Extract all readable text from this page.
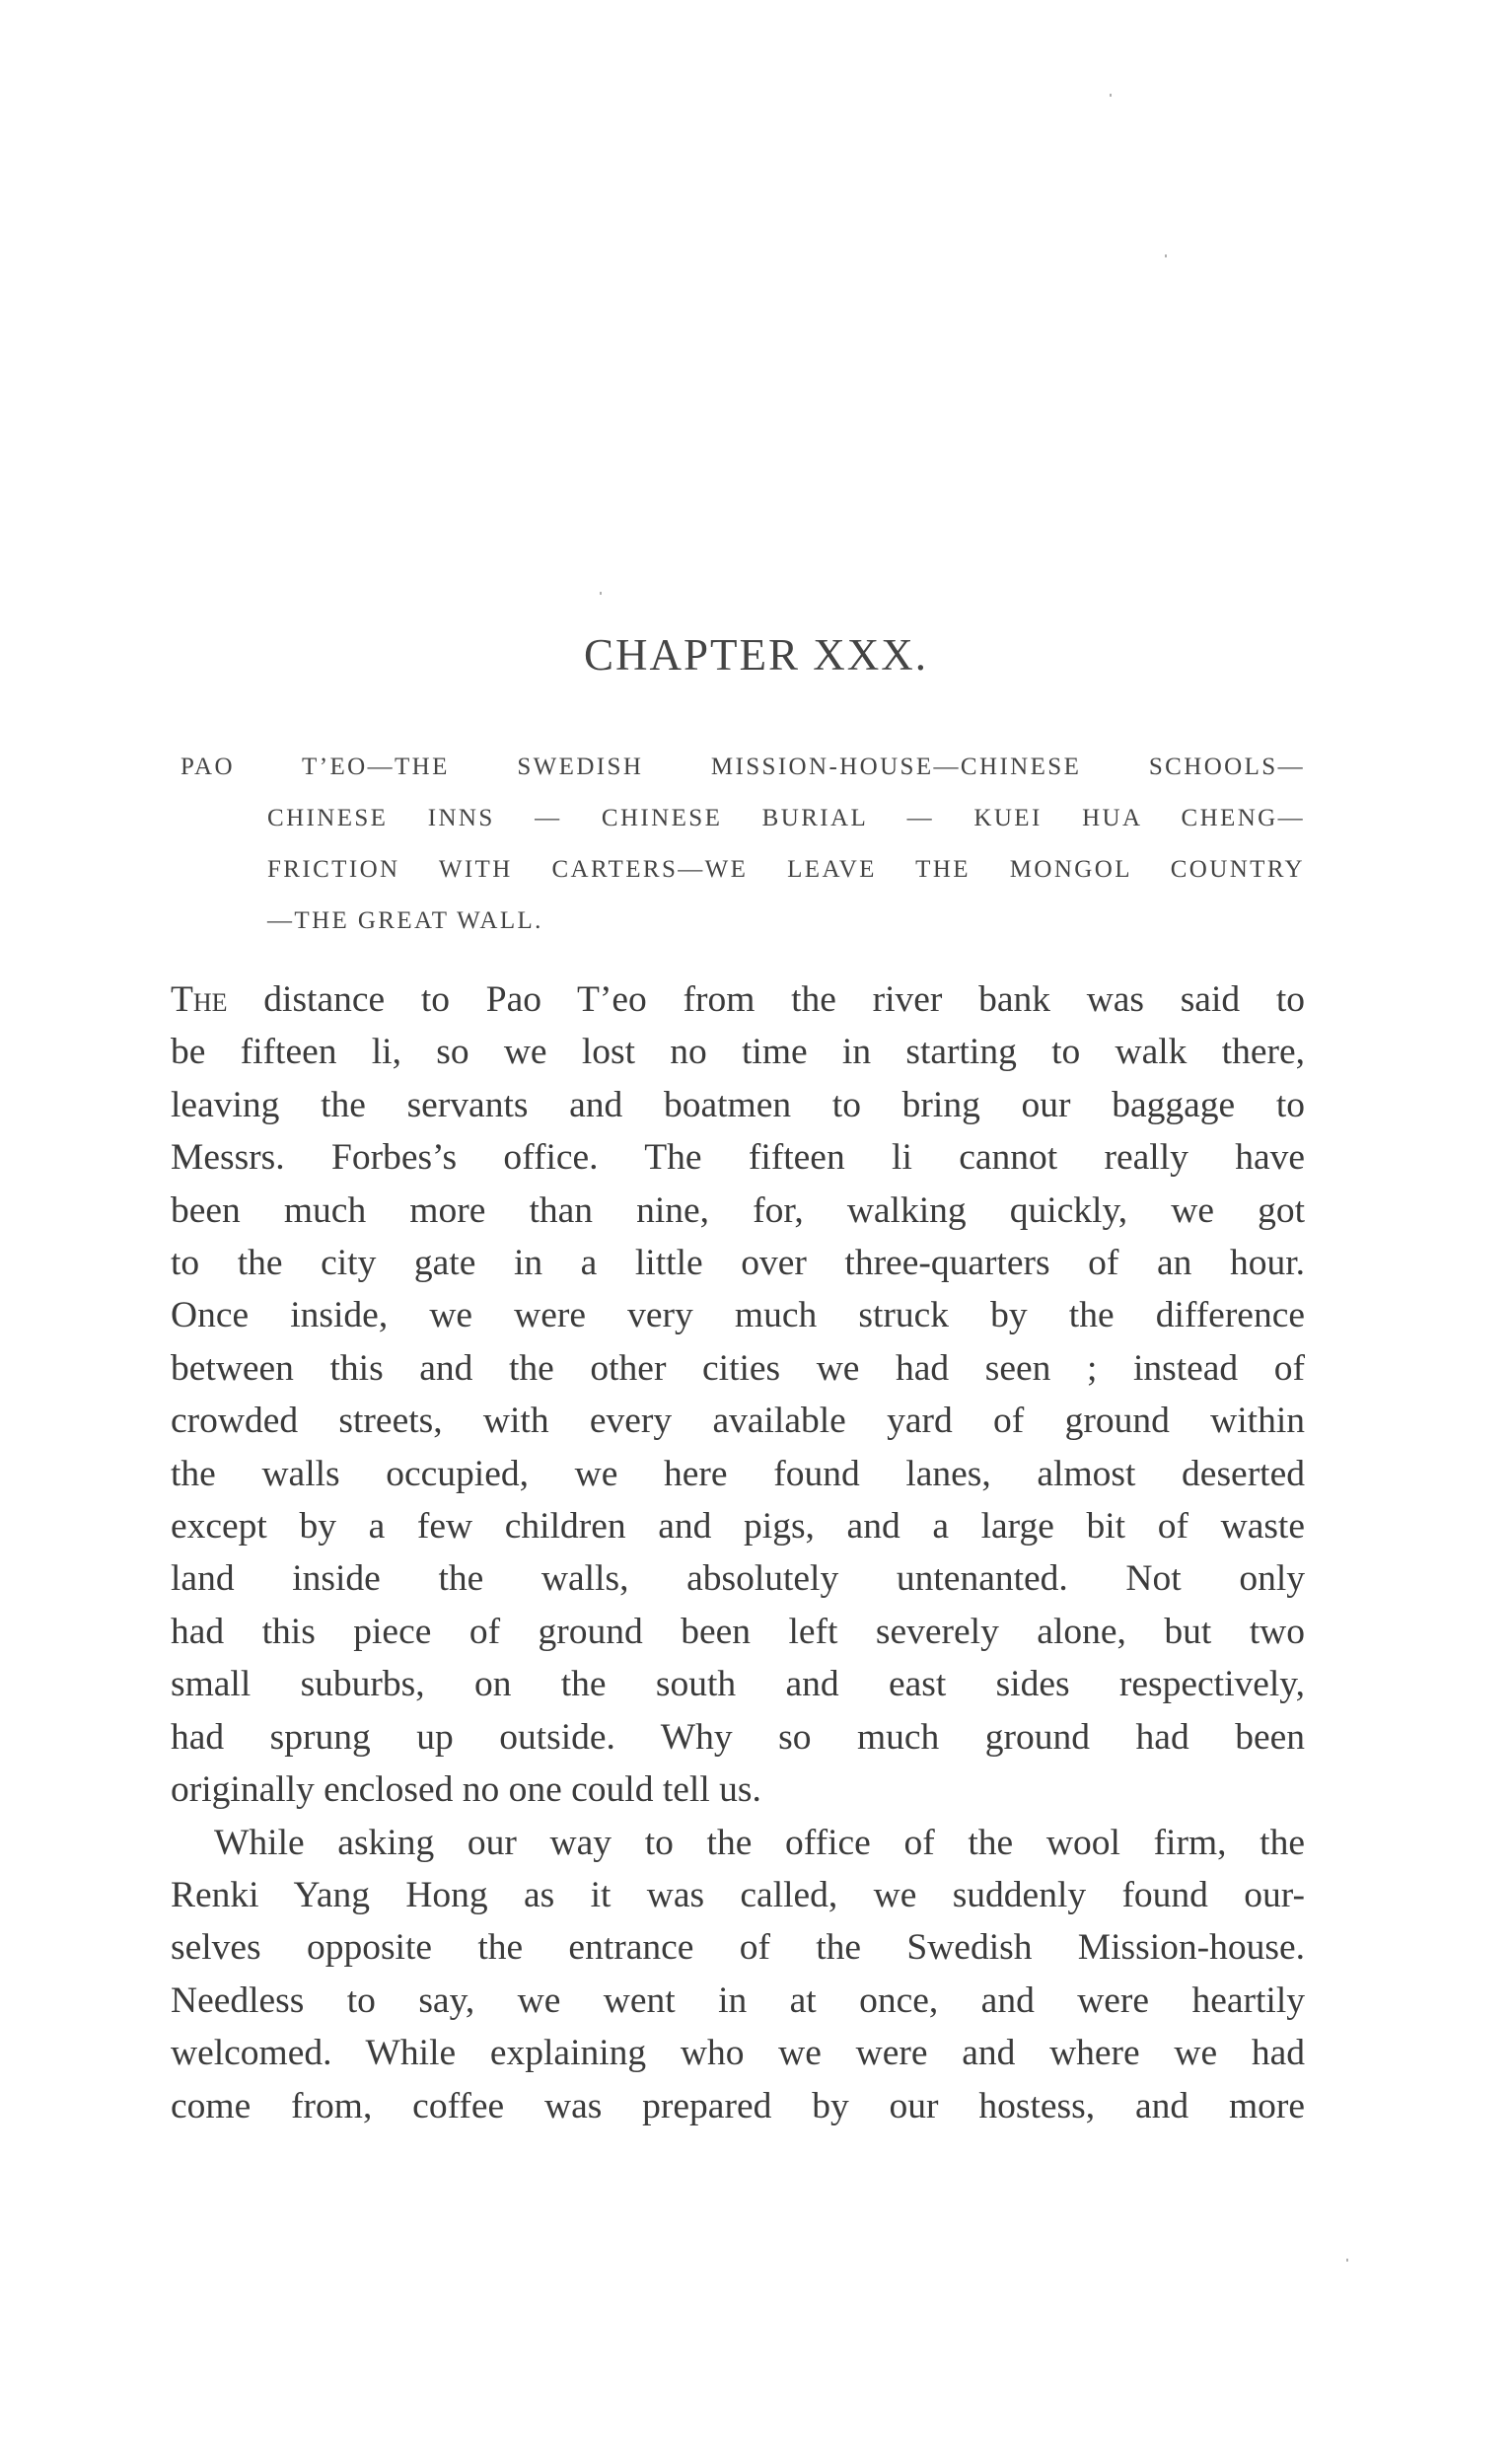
CHAPTER XXX.
PAO T’EO—THE SWEDISH MISSION-HOUSE—CHINESE SCHOOLS—
CHINESE INNS — CHINESE BURIAL — KUEI HUA CHENG—
FRICTION WITH CARTERS—WE LEAVE THE MONGOL COUNTRY
—THE GREAT WALL.
The distance to Pao T’eo from the river bank was said to
be fifteen li, so we lost no time in starting to walk there,
leaving the servants and boatmen to bring our baggage to
Messrs. Forbes’s office. The fifteen li cannot really have
been much more than nine, for, walking quickly, we got
to the city gate in a little over three-quarters of an hour.
Once inside, we were very much struck by the difference
between this and the other cities we had seen ; instead of
crowded streets, with every available yard of ground within
the walls occupied, we here found lanes, almost deserted
except by a few children and pigs, and a large bit of waste
land inside the walls, absolutely untenanted. Not only
had this piece of ground been left severely alone, but two
small suburbs, on the south and east sides respectively,
had sprung up outside. Why so much ground had been
originally enclosed no one could tell us.
While asking our way to the office of the wool firm, the
Renki Yang Hong as it was called, we suddenly found our-
selves opposite the entrance of the Swedish Mission-house.
Needless to say, we went in at once, and were heartily
welcomed. While explaining who we were and where we had
come from, coffee was prepared by our hostess, and more
